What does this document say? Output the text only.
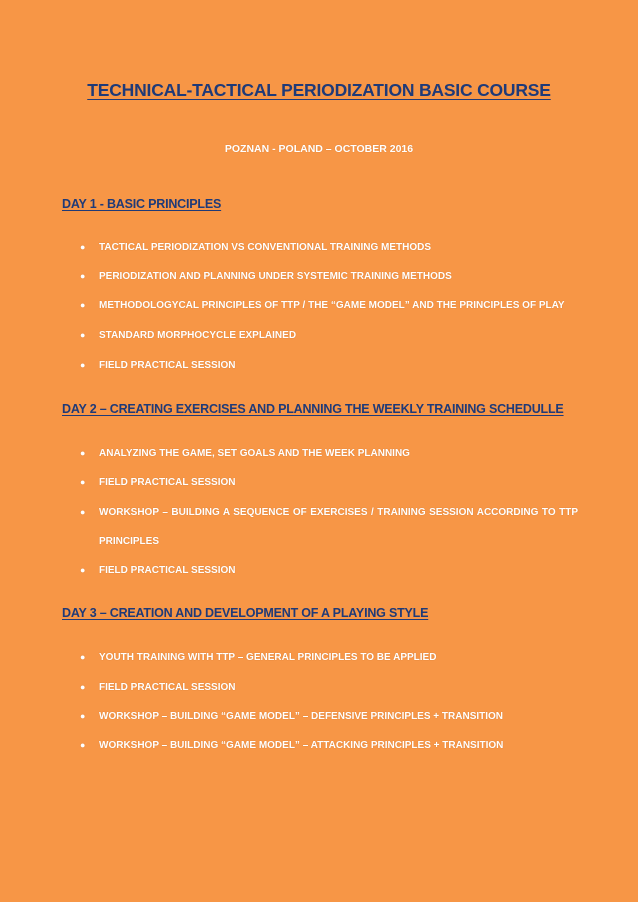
TECHNICAL-TACTICAL PERIODIZATION BASIC COURSE
POZNAN - POLAND – OCTOBER 2016
DAY 1 - BASIC PRINCIPLES
● TACTICAL PERIODIZATION VS CONVENTIONAL TRAINING METHODS
● PERIODIZATION AND PLANNING UNDER SYSTEMIC TRAINING METHODS
● METHODOLOGYCAL PRINCIPLES OF TTP / THE “GAME MODEL” AND THE PRINCIPLES OF PLAY
● STANDARD MORPHOCYCLE EXPLAINED
● FIELD PRACTICAL SESSION
DAY 2 – CREATING EXERCISES AND PLANNING THE WEEKLY TRAINING SCHEDULLE
● ANALYZING THE GAME, SET GOALS AND THE WEEK PLANNING
● FIELD PRACTICAL SESSION
● WORKSHOP – BUILDING A SEQUENCE OF EXERCISES / TRAINING SESSION ACCORDING TO TTP
PRINCIPLES
● FIELD PRACTICAL SESSION
DAY 3 – CREATION AND DEVELOPMENT OF A PLAYING STYLE
● YOUTH TRAINING WITH TTP – GENERAL PRINCIPLES TO BE APPLIED
● FIELD PRACTICAL SESSION
● WORKSHOP – BUILDING “GAME MODEL” – DEFENSIVE PRINCIPLES + TRANSITION
● WORKSHOP – BUILDING “GAME MODEL” – ATTACKING PRINCIPLES + TRANSITION
